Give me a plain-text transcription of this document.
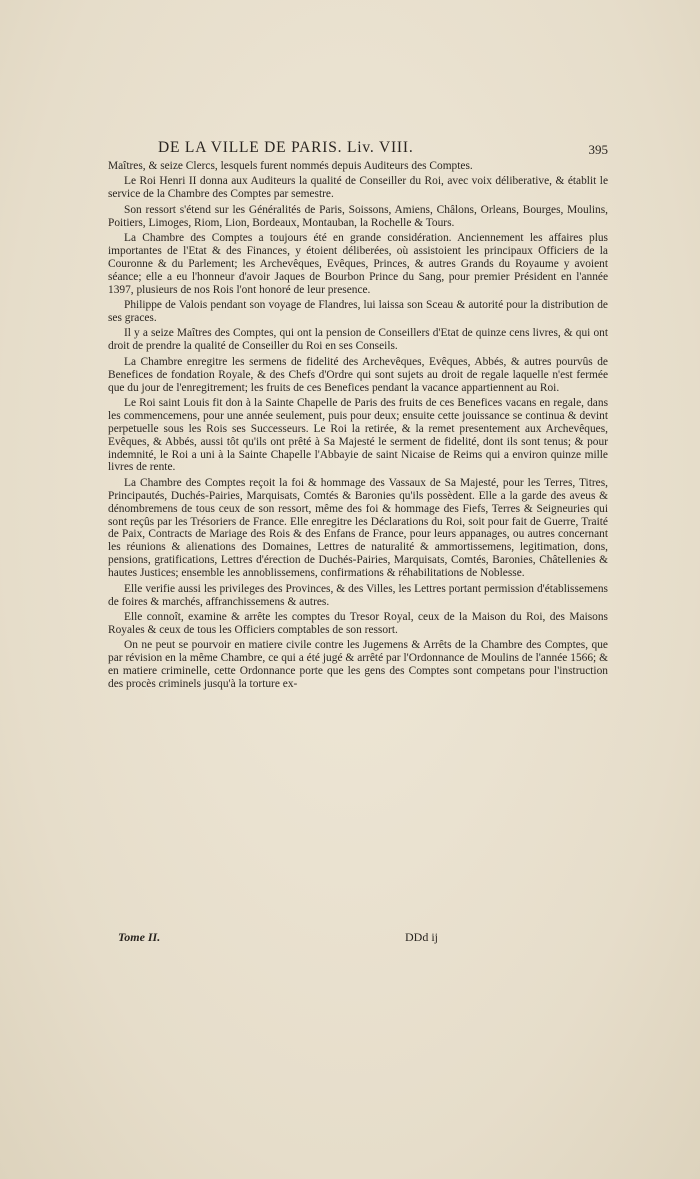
DE LA VILLE DE PARIS. Liv. VIII.	395

Maîtres, & seize Clercs, lesquels furent nommés depuis Auditeurs des Comptes.

Le Roi Henri II donna aux Auditeurs la qualité de Conseiller du Roi, avec voix déliberative, & établit le service de la Chambre des Comptes par semestre.

Son ressort s'étend sur les Généralités de Paris, Soissons, Amiens, Châlons, Orleans, Bourges, Moulins, Poitiers, Limoges, Riom, Lion, Bordeaux, Montauban, la Rochelle & Tours.

La Chambre des Comptes a toujours été en grande considération. Anciennement les affaires plus importantes de l'Etat & des Finances, y étoient déliberées, où assistoient les principaux Officiers de la Couronne & du Parlement; les Archevêques, Evêques, Princes, & autres Grands du Royaume y avoient séance; elle a eu l'honneur d'avoir Jaques de Bourbon Prince du Sang, pour premier Président en l'année 1397, plusieurs de nos Rois l'ont honoré de leur presence.

Philippe de Valois pendant son voyage de Flandres, lui laissa son Sceau & autorité pour la distribution de ses graces.

Il y a seize Maîtres des Comptes, qui ont la pension de Conseillers d'Etat de quinze cens livres, & qui ont droit de prendre la qualité de Conseiller du Roi en ses Conseils.

La Chambre enregitre les sermens de fidelité des Archevêques, Evêques, Abbés, & autres pourvûs de Benefices de fondation Royale, & des Chefs d'Ordre qui sont sujets au droit de regale laquelle n'est fermée que du jour de l'enregitrement; les fruits de ces Benefices pendant la vacance appartiennent au Roi.

Le Roi saint Louis fit don à la Sainte Chapelle de Paris des fruits de ces Benefices vacans en regale, dans les commencemens, pour une année seulement, puis pour deux; ensuite cette jouissance se continua & devint perpetuelle sous les Rois ses Successeurs. Le Roi la retirée, & la remet presentement aux Archevêques, Evêques, & Abbés, aussi tôt qu'ils ont prêté à Sa Majesté le serment de fidelité, dont ils sont tenus; & pour indemnité, le Roi a uni à la Sainte Chapelle l'Abbayie de saint Nicaise de Reims qui a environ quinze mille livres de rente.

La Chambre des Comptes reçoit la foi & hommage des Vassaux de Sa Majesté, pour les Terres, Titres, Principautés, Duchés-Pairies, Marquisats, Comtés & Baronies qu'ils possèdent. Elle a la garde des aveus & dénombremens de tous ceux de son ressort, même des foi & hommage des Fiefs, Terres & Seigneuries qui sont reçûs par les Trésoriers de France. Elle enregitre les Déclarations du Roi, soit pour fait de Guerre, Traité de Paix, Contracts de Mariage des Rois & des Enfans de France, pour leurs appanages, ou autres concernant les réunions & alienations des Domaines, Lettres de naturalité & ammortissemens, legitimation, dons, pensions, gratifications, Lettres d'érection de Duchés-Pairies, Marquisats, Comtés, Baronies, Châtellenies & hautes Justices; ensemble les annoblissemens, confirmations & réhabilitations de Noblesse.

Elle verifie aussi les privileges des Provinces, & des Villes, les Lettres portant permission d'établissemens de foires & marchés, affranchissemens & autres.

Elle connoît, examine & arrête les comptes du Tresor Royal, ceux de la Maison du Roi, des Maisons Royales & ceux de tous les Officiers comptables de son ressort.

On ne peut se pourvoir en matiere civile contre les Jugemens & Arrêts de la Chambre des Comptes, que par révision en la même Chambre, ce qui a été jugé & arrêté par l'Ordonnance de Moulins de l'année 1566; & en matiere criminelle, cette Ordonnance porte que les gens des Comptes sont competans pour l'instruction des procès criminels jusqu'à la torture ex-

Tome II.	DDd ij
